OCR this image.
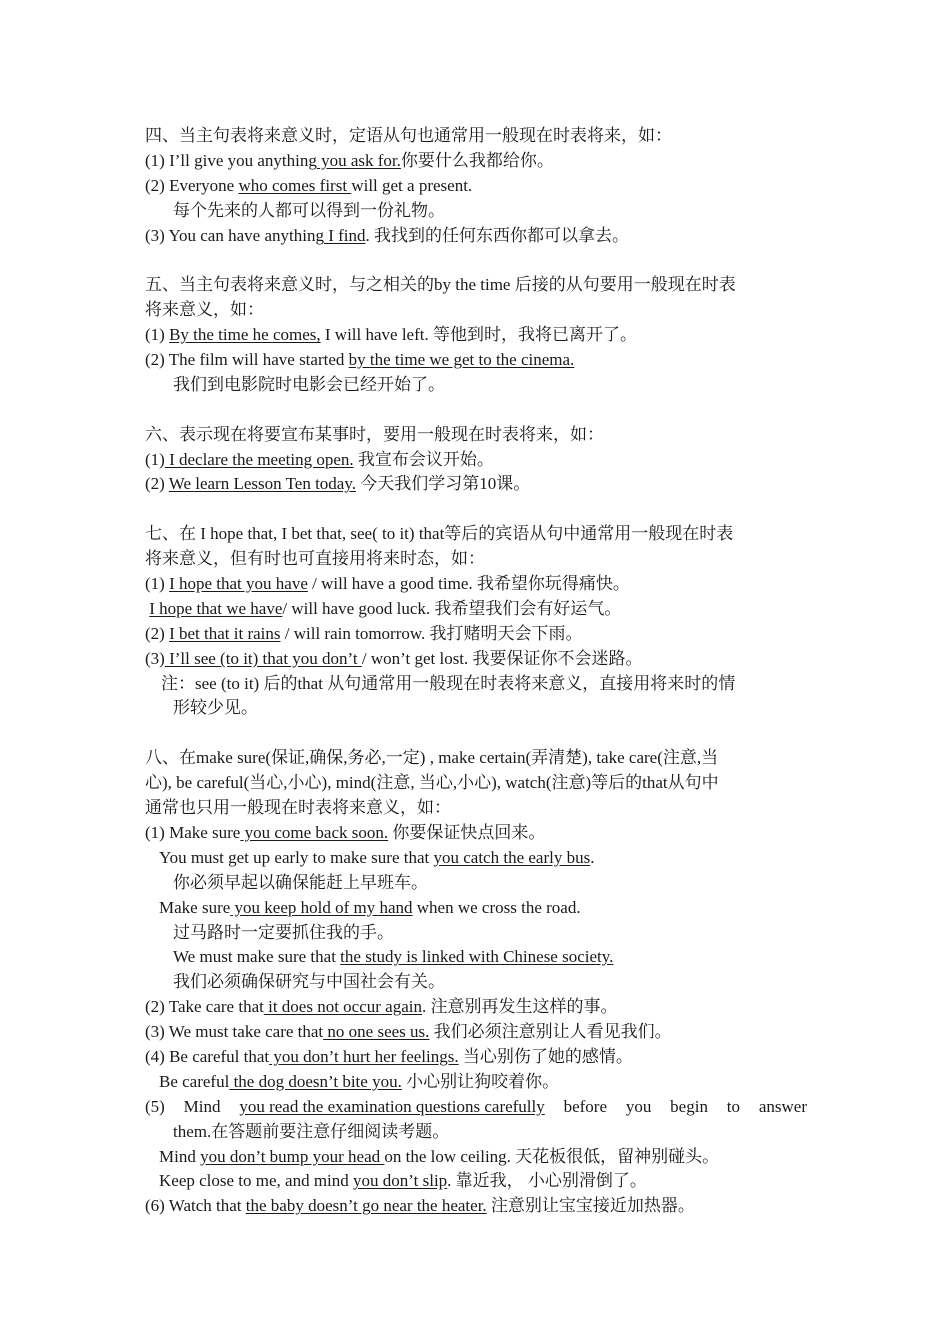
四、当主句表将来意义时，定语从句也通常用一般现在时表将来，如：
(1) I’ll give you anything you ask for.你要什么我都给你。
(2) Everyone who comes first will get a present.
每个先来的人都可以得到一份礼物。
(3) You can have anything I find. 我找到的任何东西你都可以拿去。
五、当主句表将来意义时，与之相关的by the time 后接的从句要用一般现在时表
将来意义，如：
(1) By the time he comes, I will have left. 等他到时，我将已离开了。
(2) The film will have started by the time we get to the cinema.
我们到电影院时电影会已经开始了。
六、表示现在将要宣布某事时，要用一般现在时表将来，如：
(1) I declare the meeting open. 我宣布会议开始。
(2) We learn Lesson Ten today. 今天我们学习第10课。
七、在 I hope that, I bet that, see( to it) that等后的宾语从句中通常用一般现在时表
将来意义，但有时也可直接用将来时态，如：
(1) I hope that you have / will have a good time. 我希望你玩得痛快。
I hope that we have/ will have good luck. 我希望我们会有好运气。
(2) I bet that it rains / will rain tomorrow. 我打赌明天会下雨。
(3) I’ll see (to it) that you don’t / won’t get lost. 我要保证你不会迷路。
注：see (to it) 后的that 从句通常用一般现在时表将来意义，直接用将来时的情
形较少见。
八、在make sure(保证,确保,务必,一定) , make certain(弄清楚), take care(注意,当
心), be careful(当心,小心), mind(注意, 当心,小心), watch(注意)等后的that从句中
通常也只用一般现在时表将来意义，如：
(1) Make sure you come back soon. 你要保证快点回来。
You must get up early to make sure that you catch the early bus.
你必须早起以确保能赶上早班车。
Make sure you keep hold of my hand when we cross the road.
过马路时一定要抓住我的手。
We must make sure that the study is linked with Chinese society.
我们必须确保研究与中国社会有关。
(2) Take care that it does not occur again. 注意别再发生这样的事。
(3) We must take care that no one sees us. 我们必须注意别让人看见我们。
(4) Be careful that you don’t hurt her feelings. 当心别伤了她的感情。
Be careful the dog doesn’t bite you. 小心别让狗咬着你。
(5) Mind you read the examination questions carefully before you begin to answer
them.在答题前要注意仔细阅读考题。
Mind you don’t bump your head on the low ceiling. 天花板很低，留神别碰头。
Keep close to me, and mind you don’t slip. 靠近我， 小心别滑倒了。
(6) Watch that the baby doesn’t go near the heater. 注意别让宝宝接近加热器。
